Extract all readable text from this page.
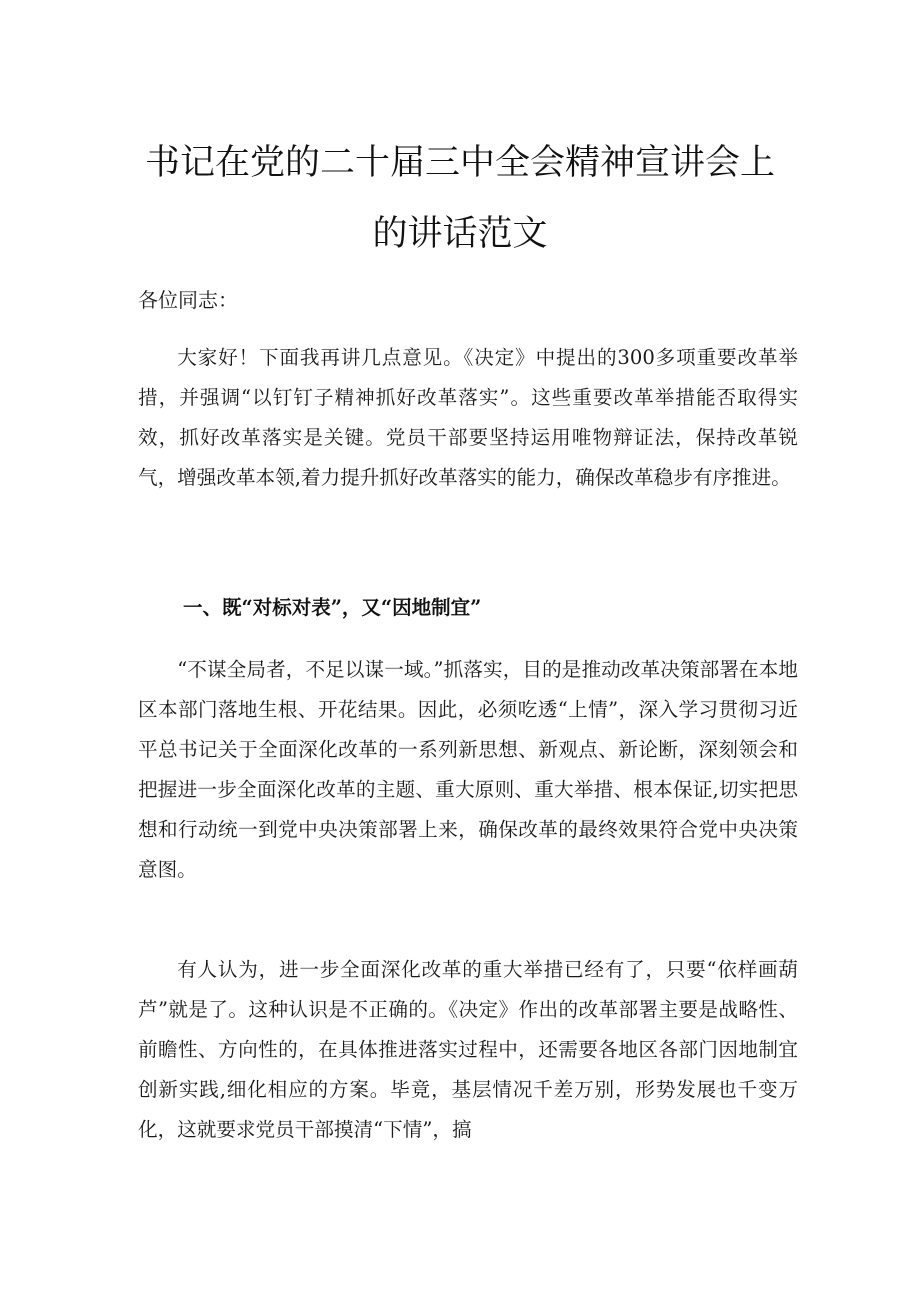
书记在党的二十届三中全会精神宣讲会上
的讲话范文
各位同志：
大家好！下面我再讲几点意见。《决定》中提出的300多项重要改革举措，并强调“以钉钉子精神抓好改革落实”。这些重要改革举措能否取得实效，抓好改革落实是关键。党员干部要坚持运用唯物辩证法，保持改革锐气，增强改革本领,着力提升抓好改革落实的能力，确保改革稳步有序推进。
一、既“对标对表”，又“因地制宜”
“不谋全局者，不足以谋一域。”抓落实，目的是推动改革决策部署在本地区本部门落地生根、开花结果。因此，必须吃透“上情”，深入学习贯彻习近平总书记关于全面深化改革的一系列新思想、新观点、新论断，深刻领会和把握进一步全面深化改革的主题、重大原则、重大举措、根本保证,切实把思想和行动统一到党中央决策部署上来，确保改革的最终效果符合党中央决策意图。
有人认为，进一步全面深化改革的重大举措已经有了，只要“依样画葫芦”就是了。这种认识是不正确的。《决定》作出的改革部署主要是战略性、前瞻性、方向性的，在具体推进落实过程中，还需要各地区各部门因地制宜创新实践,细化相应的方案。毕竟，基层情况千差万别，形势发展也千变万化，这就要求党员干部摸清“下情”，搞
